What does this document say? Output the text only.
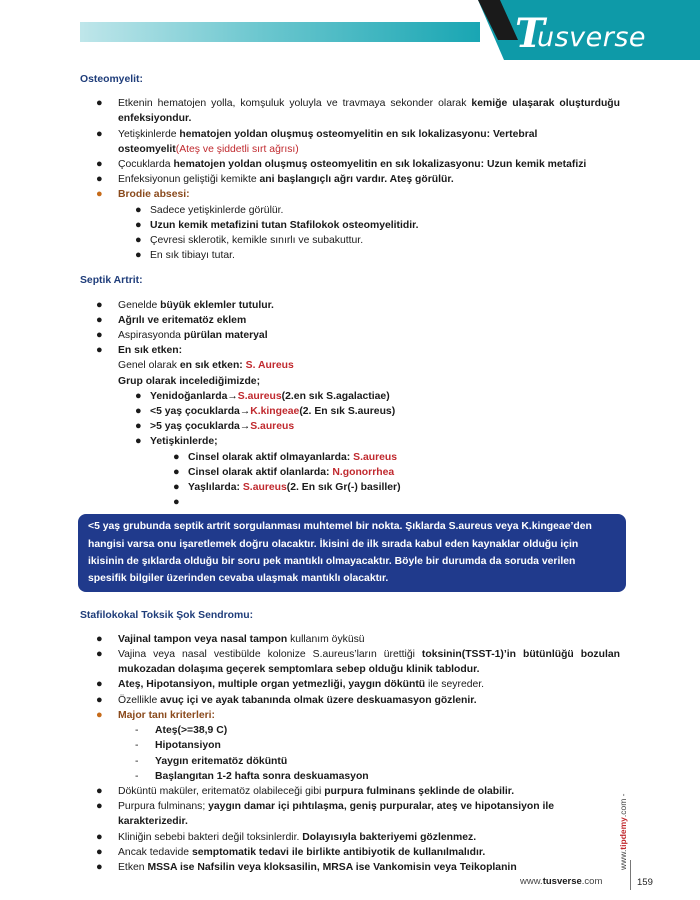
T
usverse

Osteomyelit:

● Etkenin hematojen yolla, komşuluk yoluyla ve travmaya sekonder olarak kemiğe ulaşarak oluşturduğu enfeksiyondur.
● Yetişkinlerde hematojen yoldan oluşmuş osteomyelitin en sık lokalizasyonu: Vertebral osteomyelit(Ateş ve şiddetli sırt ağrısı)
● Çocuklarda hematojen yoldan oluşmuş osteomyelitin en sık lokalizasyonu: Uzun kemik metafizi
● Enfeksiyonun geliştiği kemikte ani başlangıçlı ağrı vardır. Ateş görülür.
● Brodie absesi:
● Sadece yetişkinlerde görülür.
● Uzun kemik metafizini tutan Stafilokok osteomyelitidir.
● Çevresi sklerotik, kemikle sınırlı ve subakuttur.
● En sık tibiayı tutar.

Septik Artrit:

● Genelde büyük eklemler tutulur.
● Ağrılı ve eritematöz eklem
● Aspirasyonda pürülan materyal
● En sık etken:
Genel olarak en sık etken: S. Aureus
Grup olarak incelediğimizde;
● Yenidoğanlarda→S.aureus(2.en sık S.agalactiae)
● <5 yaş çocuklarda→K.kingeae(2. En sık S.aureus)
● >5 yaş çocuklarda→S.aureus
● Yetişkinlerde;
● Cinsel olarak aktif olmayanlarda: S.aureus
● Cinsel olarak aktif olanlarda: N.gonorrhea
● Yaşlılarda: S.aureus(2. En sık Gr(-) basiller)
●

<5 yaş grubunda septik artrit sorgulanması muhtemel bir nokta. Şıklarda S.aureus veya K.kingeae’den hangisi varsa onu işaretlemek doğru olacaktır. İkisini de ilk sırada kabul eden kaynaklar olduğu için ikisinin de şıklarda olduğu bir soru pek mantıklı olmayacaktır. Böyle bir durumda da soruda verilen spesifik bilgiler üzerinden cevaba ulaşmak mantıklı olacaktır.

Stafilokokal Toksik Şok Sendromu:

● Vajinal tampon veya nasal tampon kullanım öyküsü
● Vajina veya nasal vestibülde kolonize S.aureus’ların ürettiği toksinin(TSST-1)’in bütünlüğü bozulan mukozadan dolaşıma geçerek semptomlara sebep olduğu klinik tablodur.
● Ateş, Hipotansiyon, multiple organ yetmezliği, yaygın döküntü ile seyreder.
● Özellikle avuç içi ve ayak tabanında olmak üzere deskuamasyon gözlenir.
● Major tanı kriterleri:
- Ateş(>=38,9 C)
- Hipotansiyon
- Yaygın eritematöz döküntü
- Başlangıtan 1-2 hafta sonra deskuamasyon
● Döküntü maküler, eritematöz olabileceği gibi purpura fulminans şeklinde de olabilir.
● Purpura fulminans; yaygın damar içi pıhtılaşma, geniş purpuralar, ateş ve hipotansiyon ile karakterizedir.
● Kliniğin sebebi bakteri değil toksinlerdir. Dolayısıyla bakteriyemi gözlenmez.
● Ancak tedavide semptomatik tedavi ile birlikte antibiyotik de kullanılmalıdır.
● Etken MSSA ise Nafsilin veya kloksasilin, MRSA ise Vankomisin veya Teikoplanin	www.tipdemy.com -
www.tusverse.com	159
